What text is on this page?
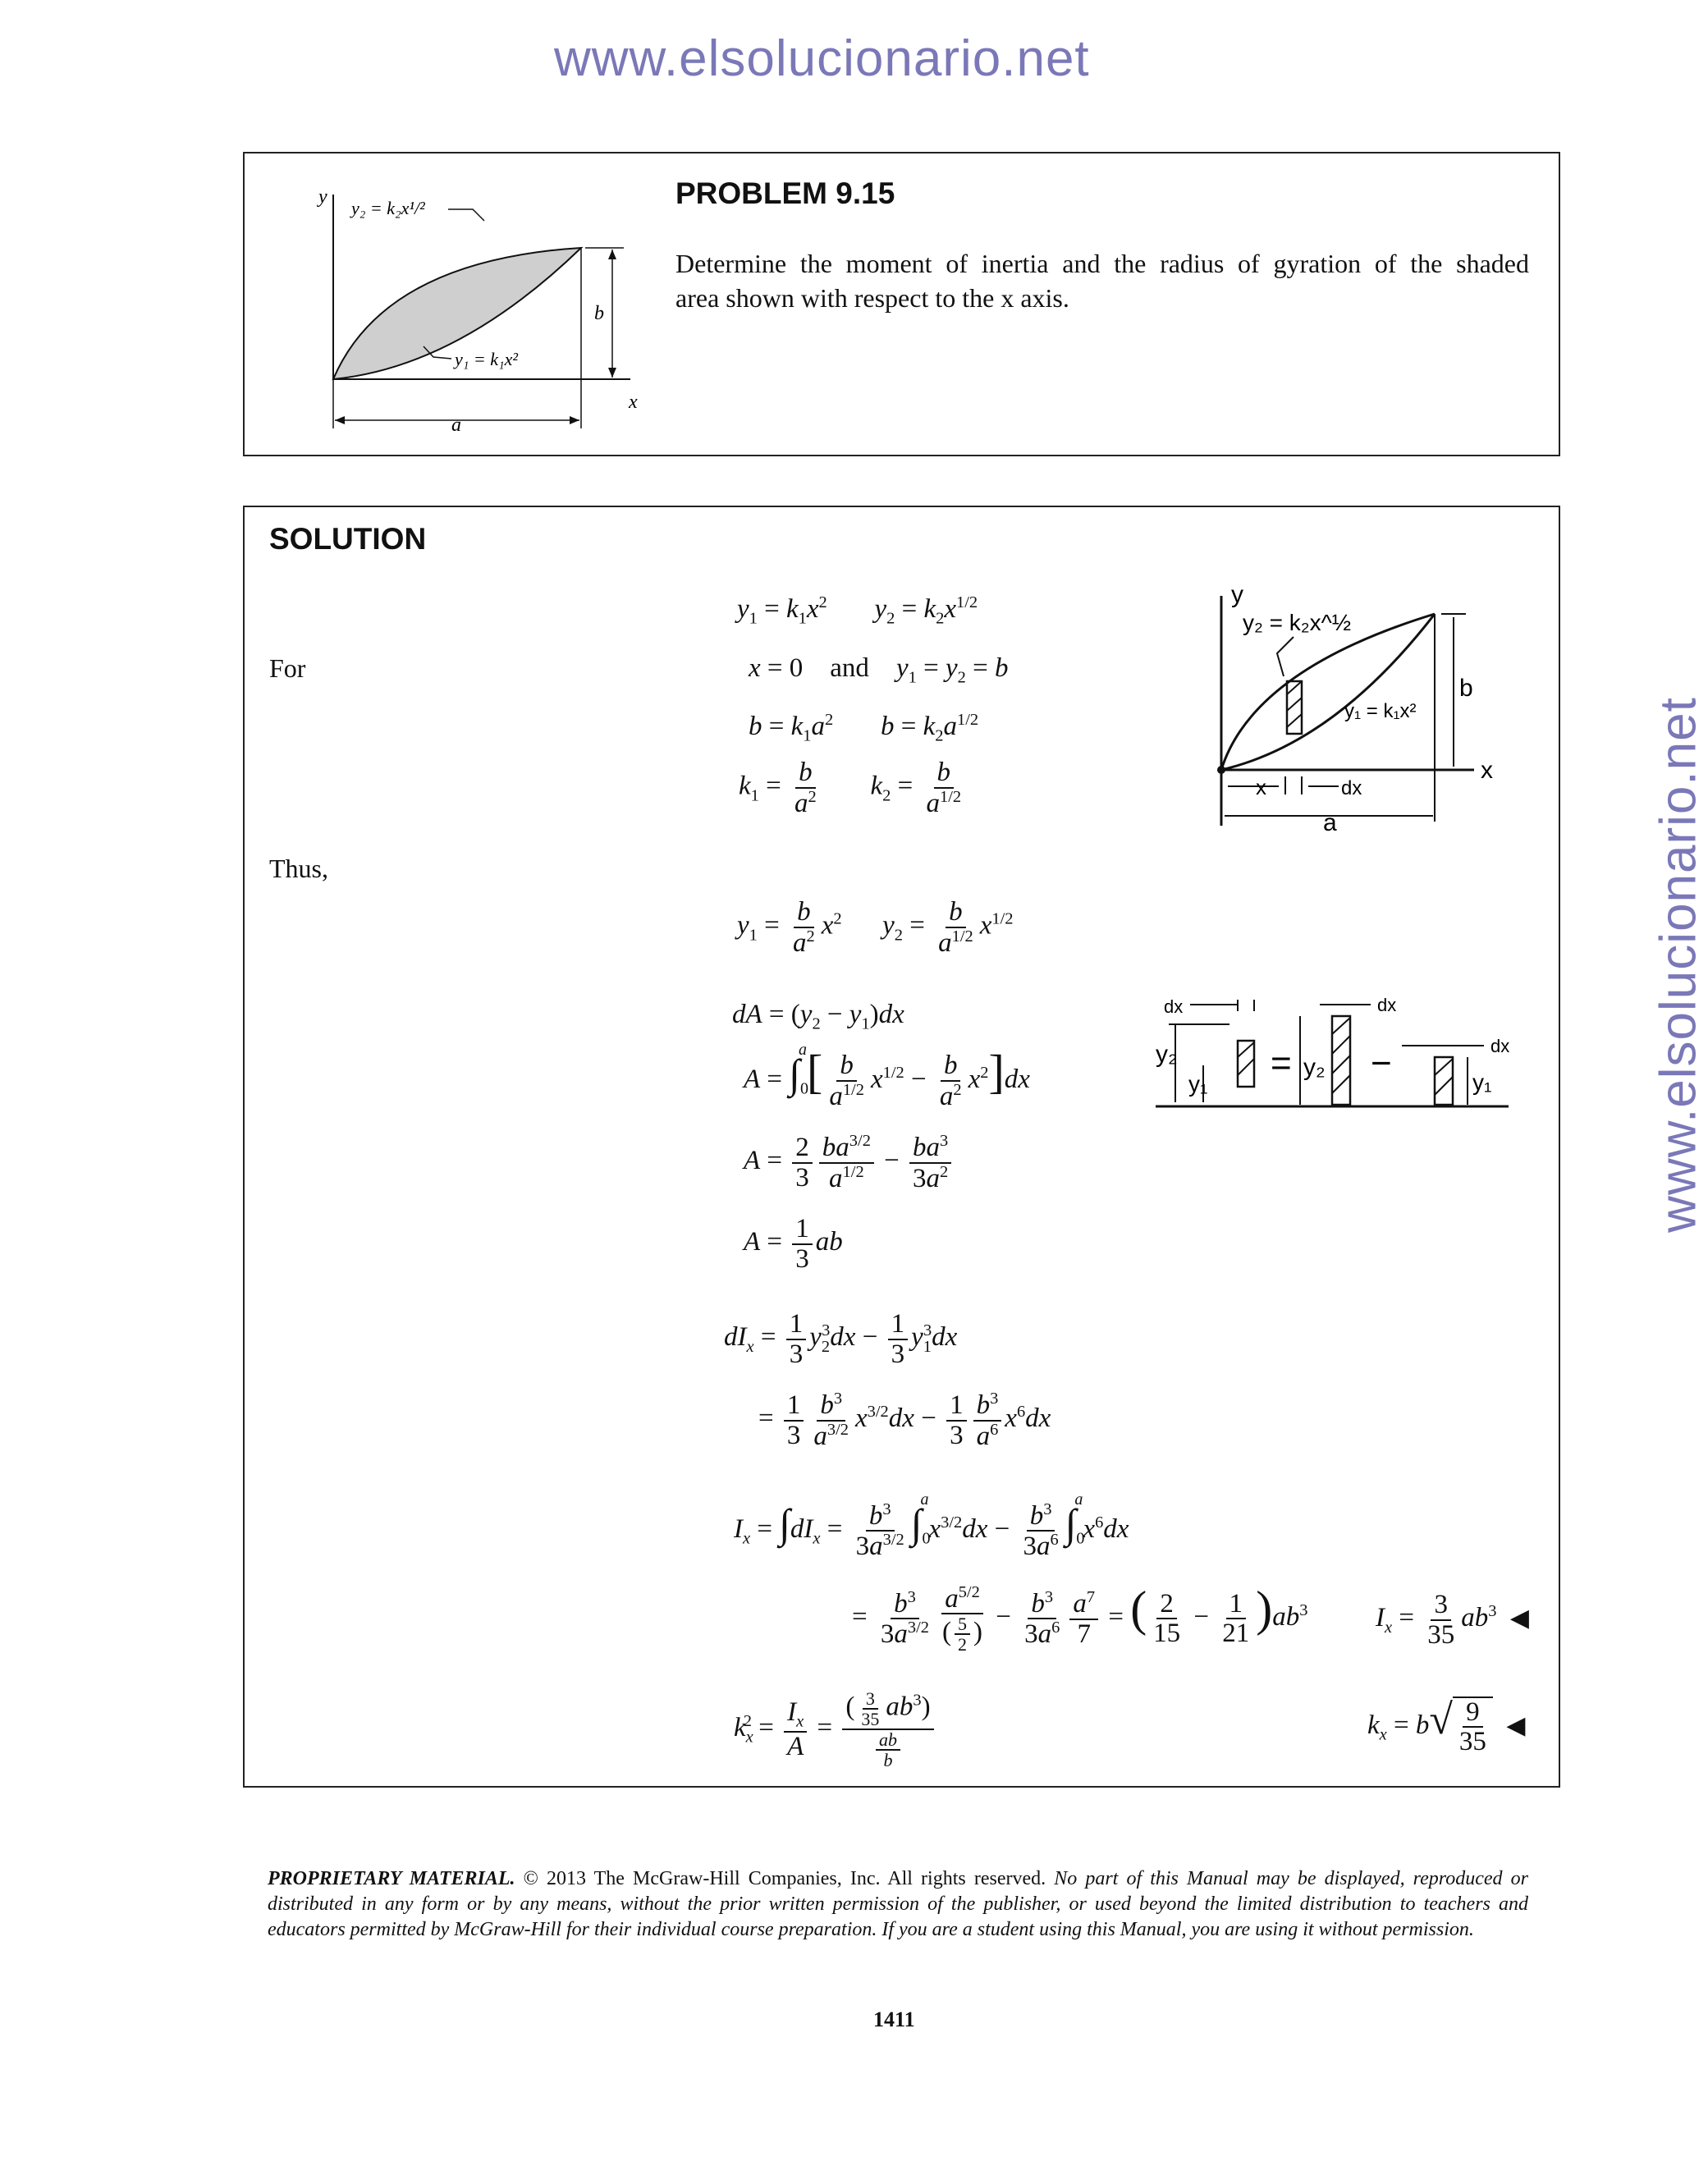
www.elsolucionario.net
www.elsolucionario.net
y
x
a
b
y₂ = k₂x¹/²
y₁ = k₁x²
PROBLEM 9.15
Determine the moment of inertia and the radius of gyration of the shaded
area shown with respect to the x axis.
SOLUTION
For
Thus,
$y_1 = k_1x^2$ $y_2 = k_2x^{1/2}$
x = 0    and $y_1 = y_2 = b$
$b = k_1a^2$ $b = k_2a^{1/2}$
$k_1 = \frac{b}{a^2} k_2 = \frac{b}{a^{1/2}}$
$y_1 = \frac{b}{a^2} x^2$ $y_2 = \frac{b}{a^{1/2}} x^{1/2}$
dA = $(y_2 - y_1)dx$
$A = \int_0^a[ \frac{b}{a^{1/2}} x^{1/2} - \frac{b}{a^2} x^2]dx$
$A = \frac{2}{3} \frac{ba^{3/2}}{a^{1/2}} - \frac{ba^3}{3a^2}$
$A = \frac{1}{3}$ ab
$dI_x = \frac{1}{3} y_2^3dx - \frac{1}{3} y_1^3dx$
= $\frac{1}{3} \frac{b^3}{a^{3/2}} x^{3/2}dx - \frac{1}{3} \frac{b^3}{a^6} x^6dx$
$I_x = \int dI_x = \frac{b^3}{3a^{3/2}} \int_0^ax^{3/2}dx - \frac{b^3}{3a^6} \int_0^ax^6dx$
= $\frac{b^3}{3a^{3/2}} \frac{a^{5/2}}{( \frac{5}{2} )} - \frac{b^3}{3a^6} \frac{a^7}{7}$ = ( $\frac{2}{15} - \frac{1}{21} )ab^3$	$I_x = \frac{3}{35} ab^3$ ◀
$k_x^2 = \frac{I_x}{A} = \frac{( \frac{3}{35} ab^3)}{\frac{ab}{b}}$	$k_x = b√ \frac{9}{35}$ ◀
y
x
b
a
x	dx
y₂ = k₂x^½
y₁ = k₁x²
dx	dx
dx
y₂
y₁
= y₂ −	y₁
PROPRIETARY MATERIAL. © 2013 The McGraw-Hill Companies, Inc. All rights reserved. No part of this Manual may be displayed, reproduced or distributed in any form or by any means, without the prior written permission of the publisher, or used beyond the limited distribution to teachers and educators permitted by McGraw-Hill for their individual course preparation. If you are a student using this Manual, you are using it without permission.
1411
